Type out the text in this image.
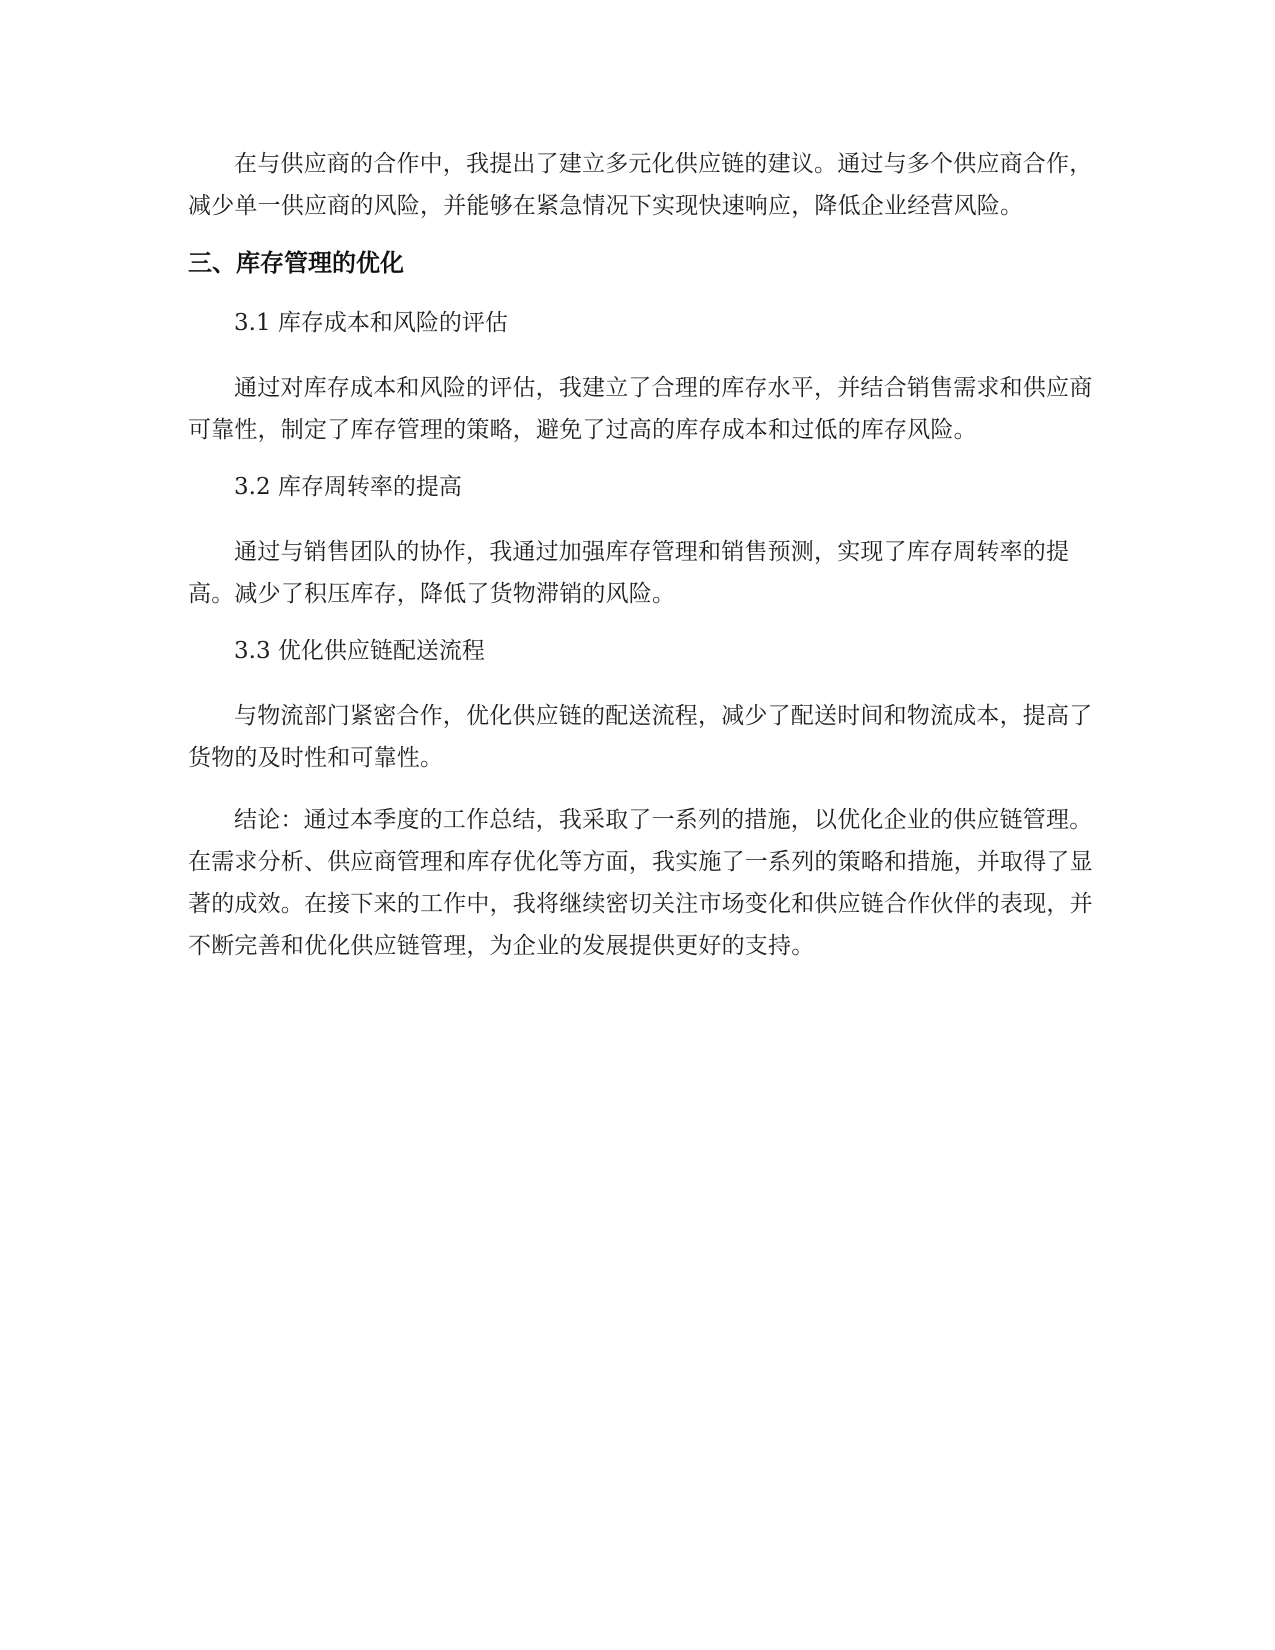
在与供应商的合作中，我提出了建立多元化供应链的建议。通过与多个供应商合作，减少单一供应商的风险，并能够在紧急情况下实现快速响应，降低企业经营风险。

三、库存管理的优化

3.1 库存成本和风险的评估

通过对库存成本和风险的评估，我建立了合理的库存水平，并结合销售需求和供应商可靠性，制定了库存管理的策略，避免了过高的库存成本和过低的库存风险。

3.2 库存周转率的提高

通过与销售团队的协作，我通过加强库存管理和销售预测，实现了库存周转率的提高。减少了积压库存，降低了货物滞销的风险。

3.3 优化供应链配送流程

与物流部门紧密合作，优化供应链的配送流程，减少了配送时间和物流成本，提高了货物的及时性和可靠性。

结论：通过本季度的工作总结，我采取了一系列的措施，以优化企业的供应链管理。在需求分析、供应商管理和库存优化等方面，我实施了一系列的策略和措施，并取得了显著的成效。在接下来的工作中，我将继续密切关注市场变化和供应链合作伙伴的表现，并不断完善和优化供应链管理，为企业的发展提供更好的支持。
